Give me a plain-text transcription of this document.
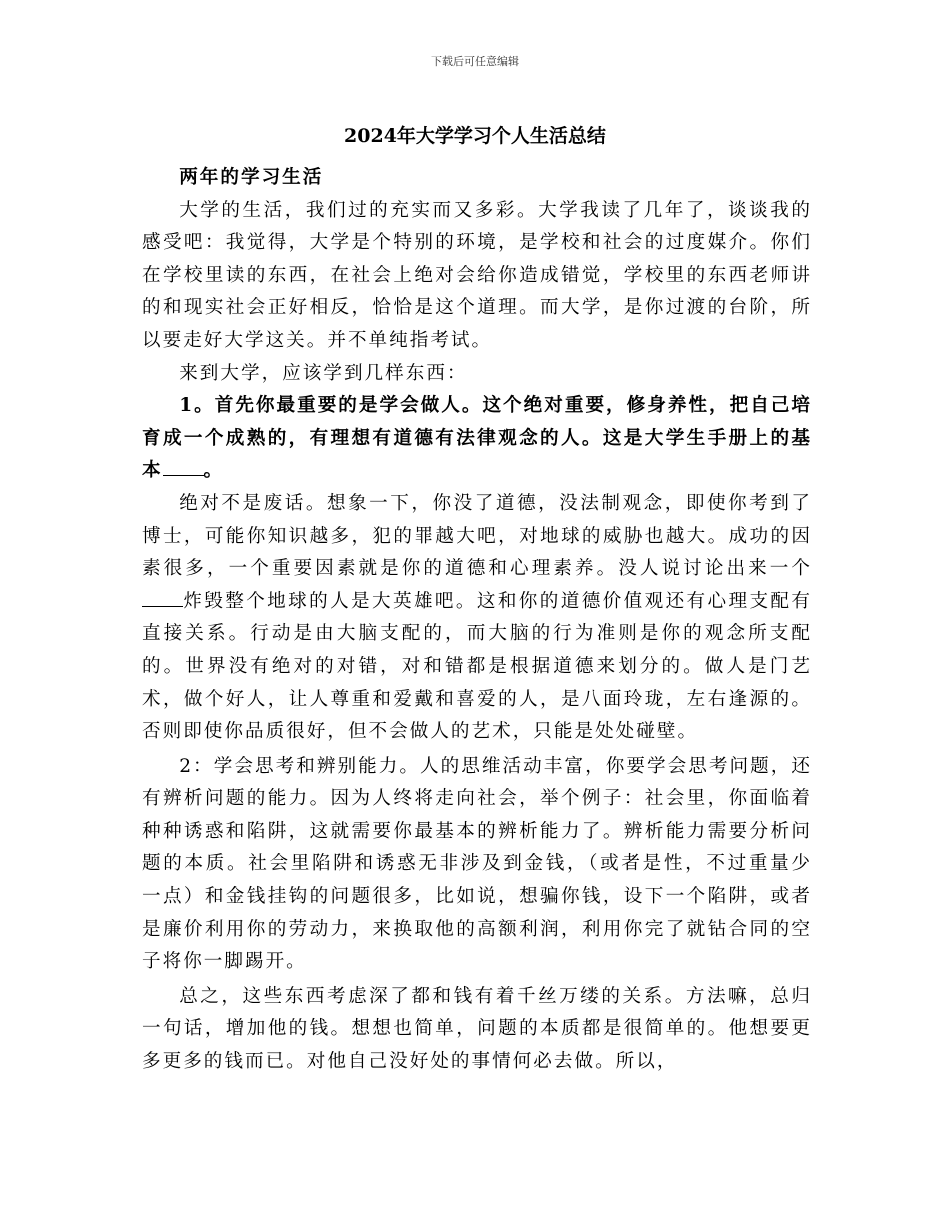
下载后可任意编辑
2024年大学学习个人生活总结

两年的学习生活

大学的生活，我们过的充实而又多彩。大学我读了几年了，谈谈我的感受吧：我觉得，大学是个特别的环境，是学校和社会的过度媒介。你们在学校里读的东西，在社会上绝对会给你造成错觉，学校里的东西老师讲的和现实社会正好相反，恰恰是这个道理。而大学，是你过渡的台阶，所以要走好大学这关。并不单纯指考试。

来到大学，应该学到几样东西：

1。首先你最重要的是学会做人。这个绝对重要，修身养性，把自己培育成一个成熟的，有理想有道德有法律观念的人。这是大学生手册上的基本 。

绝对不是废话。想象一下，你没了道德，没法制观念，即使你考到了博士，可能你知识越多，犯的罪越大吧，对地球的威胁也越大。成功的因素很多，一个重要因素就是你的道德和心理素养。没人说讨论出来一个炸毁整个地球的人是大英雄吧。这和你的道德价值观还有心理支配有直接关系。行动是由大脑支配的，而大脑的行为准则是你的观念所支配的。世界没有绝对的对错，对和错都是根据道德来划分的。做人是门艺术，做个好人，让人尊重和爱戴和喜爱的人，是八面玲珑，左右逢源的。否则即使你品质很好，但不会做人的艺术，只能是处处碰壁。

2：学会思考和辨别能力。人的思维活动丰富，你要学会思考问题，还有辨析问题的能力。因为人终将走向社会，举个例子：社会里，你面临着种种诱惑和陷阱，这就需要你最基本的辨析能力了。辨析能力需要分析问题的本质。社会里陷阱和诱惑无非涉及到金钱，（或者是性，不过重量少一点）和金钱挂钩的问题很多，比如说，想骗你钱，设下一个陷阱，或者是廉价利用你的劳动力，来换取他的高额利润，利用你完了就钻合同的空子将你一脚踢开。

总之，这些东西考虑深了都和钱有着千丝万缕的关系。方法嘛，总归一句话，增加他的钱。想想也简单，问题的本质都是很简单的。他想要更多更多的钱而已。对他自己没好处的事情何必去做。所以，
